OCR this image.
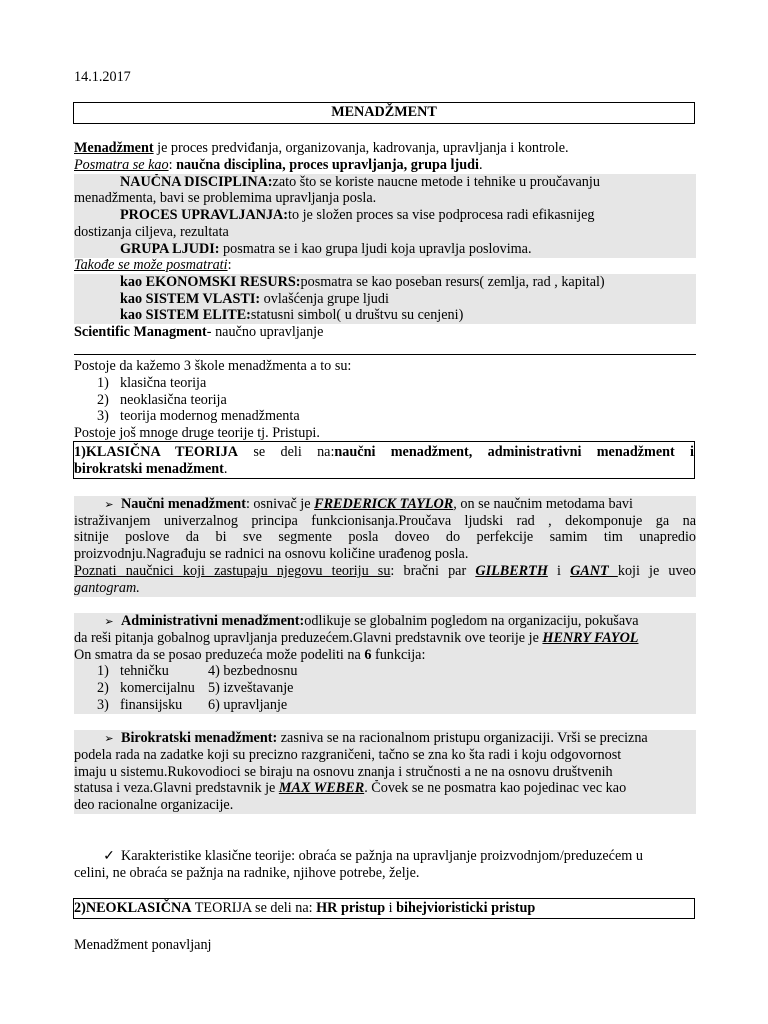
14.1.2017
MENADŽMENT
Menadžment je proces predviđanja, organizovanja, kadrovanja, upravljanja i kontrole.
Posmatra se kao: naučna disciplina, proces upravljanja, grupa ljudi.
NAUČNA DISCIPLINA:zato što se koriste naucne metode i tehnike u proučavanju
menadžmenta, bavi se problemima upravljanja posla.
PROCES UPRAVLJANJA:to je složen proces sa vise podprocesa radi efikasnijeg
dostizanja ciljeva, rezultata
GRUPA LJUDI: posmatra se i kao grupa ljudi koja upravlja poslovima.
Takođe se može posmatrati:
kao EKONOMSKI RESURS:posmatra se kao poseban resurs( zemlja, rad , kapital)
kao SISTEM VLASTI: ovlašćenja grupe ljudi
kao SISTEM ELITE:statusni simbol( u društvu su cenjeni)
Scientific Managment- naučno upravljanje
Postoje da kažemo 3 škole menadžmenta a to su:
1) klasična teorija
2) neoklasična teorija
3) teorija modernog menadžmenta
Postoje još mnoge druge teorije tj. Pristupi.
1)KLASIČNA TEORIJA se deli na:naučni menadžment, administrativni menadžment i
birokratski menadžment.
➢ Naučni menadžment: osnivač je FREDERICK TAYLOR, on se naučnim metodama bavi
istraživanjem univerzalnog principa funkcionisanja.Proučava ljudski rad , dekomponuje ga na
sitnije poslove da bi sve segmente posla doveo do perfekcije samim tim unapredio
proizvodnju.Nagrađuju se radnici na osnovu količine urađenog posla.
Poznati naučnici koji zastupaju njegovu teoriju su: bračni par GILBERTH i GANT koji je uveo
gantogram.
➢ Administrativni menadžment:odlikuje se globalnim pogledom na organizaciju, pokušava
da reši pitanja gobalnog upravljanja preduzećem.Glavni predstavnik ove teorije je HENRY FAYOL
On smatra da se posao preduzeća može podeliti na 6 funkcija:
1) tehničku	4) bezbednosnu
2) komercijalnu 5) izveštavanje
3) finansijsku 6) upravljanje
➢ Birokratski menadžment: zasniva se na racionalnom pristupu organizaciji. Vrši se precizna
podela rada na zadatke koji su precizno razgraničeni, tačno se zna ko šta radi i koju odgovornost
imaju u sistemu.Rukovodioci se biraju na osnovu znanja i stručnosti a ne na osnovu društvenih
statusa i veza.Glavni predstavnik je MAX WEBER. Čovek se ne posmatra kao pojedinac vec kao
deo racionalne organizacije.
✓ Karakteristike klasične teorije: obraća se pažnja na upravljanje proizvodnjom/preduzećem u
celini, ne obraća se pažnja na radnike, njihove potrebe, želje.
2)NEOKLASIČNA TEORIJA se deli na: HR pristup i bihejvioristicki pristup
Menadžment ponavljanj
